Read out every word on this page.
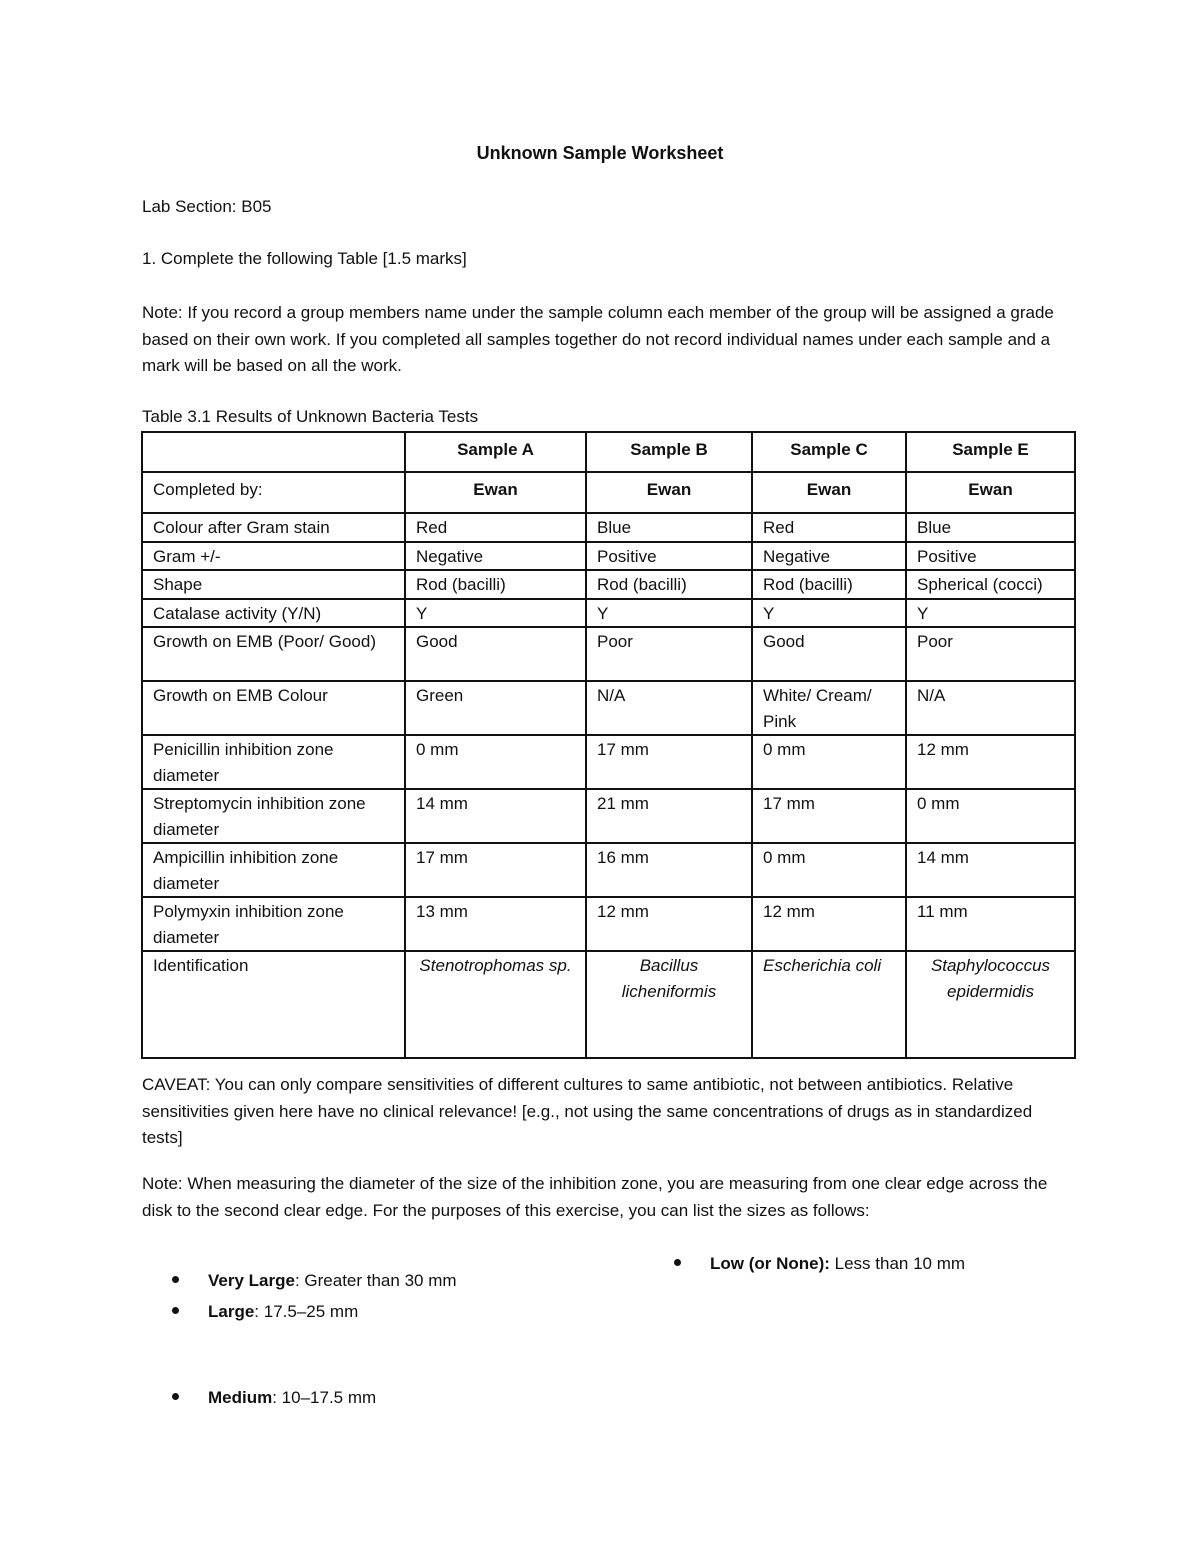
Unknown Sample Worksheet
Lab Section: B05
1. Complete the following Table [1.5 marks]
Note: If you record a group members name under the sample column each member of the group will be assigned a grade based on their own work. If you completed all samples together do not record individual names under each sample and a mark will be based on all the work.
Table 3.1 Results of Unknown Bacteria Tests
	Sample A	Sample B	Sample C	Sample E
Completed by:	Ewan	Ewan	Ewan	Ewan
Colour after Gram stain	Red	Blue	Red	Blue
Gram +/-	Negative	Positive	Negative	Positive
Shape	Rod (bacilli)	Rod (bacilli)	Rod (bacilli)	Spherical (cocci)
Catalase activity (Y/N)	Y	Y	Y	Y
Growth on EMB (Poor/ Good)	Good	Poor	Good	Poor
Growth on EMB Colour	Green	N/A	White/ Cream/ Pink	N/A
Penicillin inhibition zone diameter	0 mm	17 mm	0 mm	12 mm
Streptomycin inhibition zone diameter	14 mm	21 mm	17 mm	0 mm
Ampicillin inhibition zone diameter	17 mm	16 mm	0 mm	14 mm
Polymyxin inhibition zone diameter	13 mm	12 mm	12 mm	11 mm
Identification	Stenotrophomas sp.	Bacillus licheniformis	Escherichia coli	Staphylococcus epidermidis
CAVEAT: You can only compare sensitivities of different cultures to same antibiotic, not between antibiotics. Relative sensitivities given here have no clinical relevance! [e.g., not using the same concentrations of drugs as in standardized tests]
Note: When measuring the diameter of the size of the inhibition zone, you are measuring from one clear edge across the disk to the second clear edge. For the purposes of this exercise, you can list the sizes as follows:
Very Large: Greater than 30 mm
Large: 17.5–25 mm
Medium: 10–17.5 mm
Low (or None): Less than 10 mm
